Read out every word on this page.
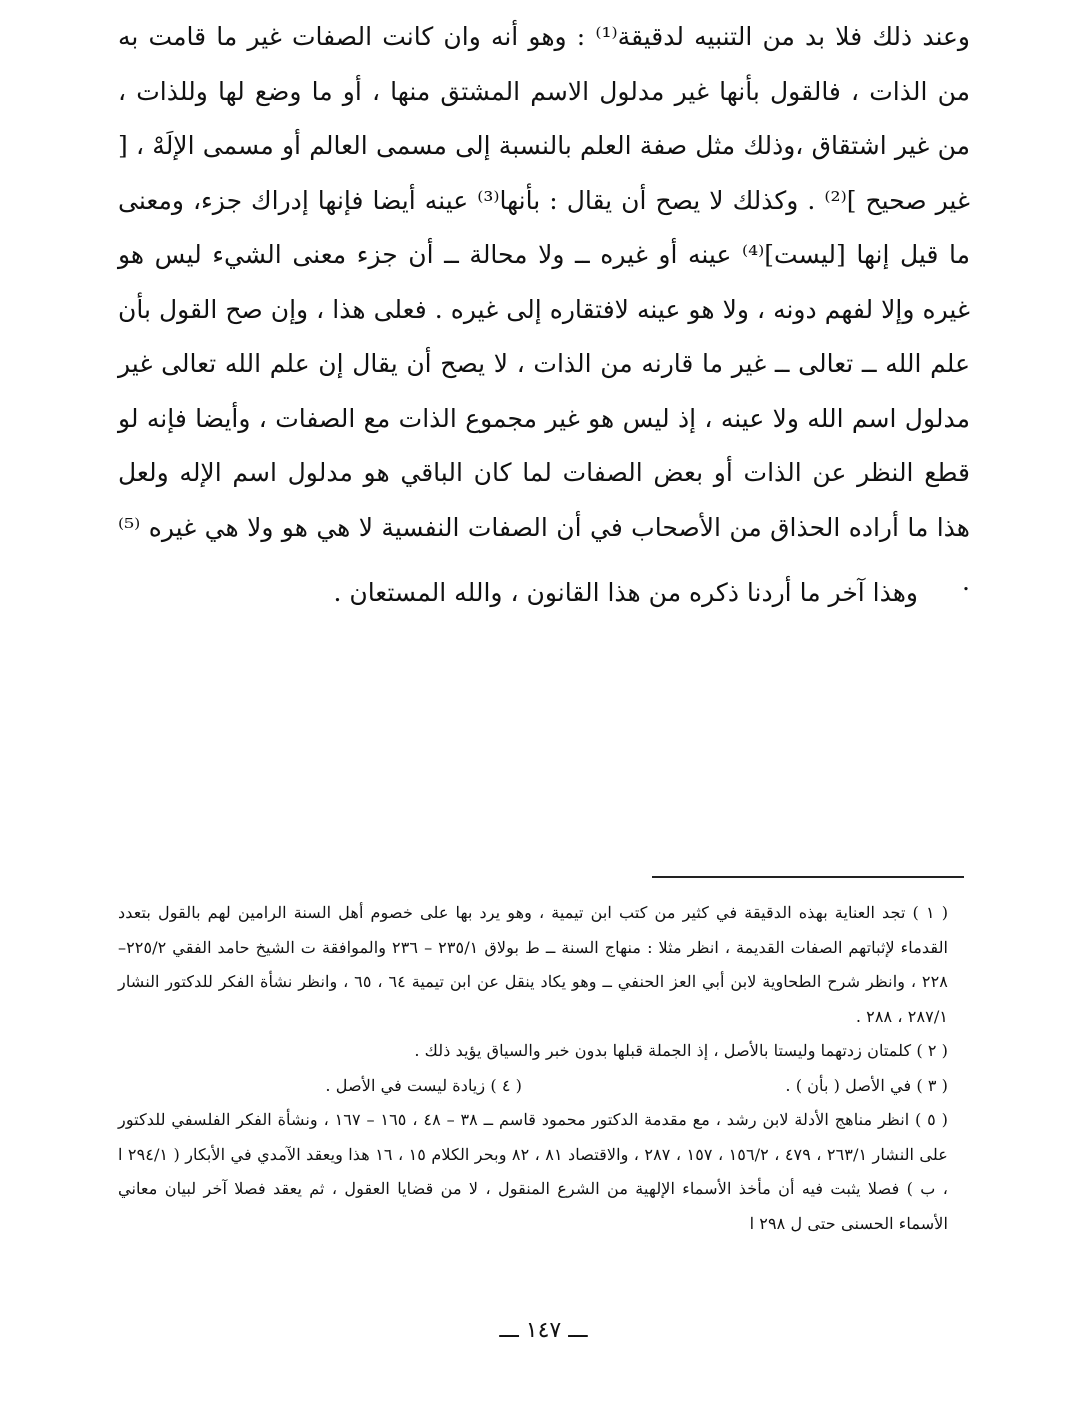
وعند ذلك فلا بد من التنبيه لدقيقة⁽¹⁾ : وهو أنه وان كانت الصفات غير ما قامت به من الذات ، فالقول بأنها غير مدلول الاسم المشتق منها ، أو ما وضع لها وللذات ، من غير اشتقاق ،وذلك مثل صفة العلم بالنسبة إلى مسمى العالم أو مسمى الإلَهْ ، [ غير صحيح ]⁽²⁾ . وكذلك لا يصح أن يقال : بأنها⁽³⁾ عينه أيضا فإنها إدراك جزء، ومعنى ما قيل إنها [ليست]⁽⁴⁾ عينه أو غيره ــ ولا محالة ــ أن جزء معنى الشيء ليس هو غيره وإلا لفهم دونه ، ولا هو عينه لافتقاره إلى غيره . فعلى هذا ، وإن صح القول بأن علم الله ــ تعالى ــ غير ما قارنه من الذات ، لا يصح أن يقال إن علم الله تعالى غير مدلول اسم الله ولا عينه ، إذ ليس هو غير مجموع الذات مع الصفات ، وأيضا فإنه لو قطع النظر عن الذات أو بعض الصفات لما كان الباقي هو مدلول اسم الإله ولعل هذا ما أراده الحذاق من الأصحاب في أن الصفات النفسية لا هي هو ولا هي غيره ⁽⁵⁾ .

وهذا آخر ما أردنا ذكره من هذا القانون ، والله المستعان .

( ١ ) تجد العناية بهذه الدقيقة في كثير من كتب ابن تيمية ، وهو يرد بها على خصوم أهل السنة الرامين لهم بالقول بتعدد القدماء لإثباتهم الصفات القديمة ، انظر مثلا : منهاج السنة ــ ط بولاق ٢٣٥/١ – ٢٣٦ والموافقة ت الشيخ حامد الفقي ٢٢٥/٢–٢٢٨ ، وانظر شرح الطحاوية لابن أبي العز الحنفي ــ وهو يكاد ينقل عن ابن تيمية ٦٤ ، ٦٥ ، وانظر نشأة الفكر للدكتور النشار ٢٨٧/١ ، ٢٨٨ .

( ٢ ) كلمتان زدتهما وليستا بالأصل ، إذ الجملة قبلها بدون خبر والسياق يؤيد ذلك .

( ٣ ) في الأصل ( بأن ) .
( ٤ ) زيادة ليست في الأصل .

( ٥ ) انظر مناهج الأدلة لابن رشد ، مع مقدمة الدكتور محمود قاسم ــ ٣٨ – ٤٨ ، ١٦٥ – ١٦٧ ، ونشأة الفكر الفلسفي للدكتور على النشار ٢٦٣/١ ، ٤٧٩ ، ١٥٦/٢ ، ١٥٧ ، ٢٨٧ ، والاقتصاد ٨١ ، ٨٢ وبحر الكلام ١٥ ، ١٦ هذا ويعقد الآمدي في الأبكار ( ٢٩٤/١ ا ، ب ) فصلا يثبت فيه أن مأخذ الأسماء الإلهية من الشرع المنقول ، لا من قضايا العقول ، ثم يعقد فصلا آخر لبيان معاني الأسماء الحسنى حتى ل ٢٩٨ ا

ـــ ١٤٧ ـــ
